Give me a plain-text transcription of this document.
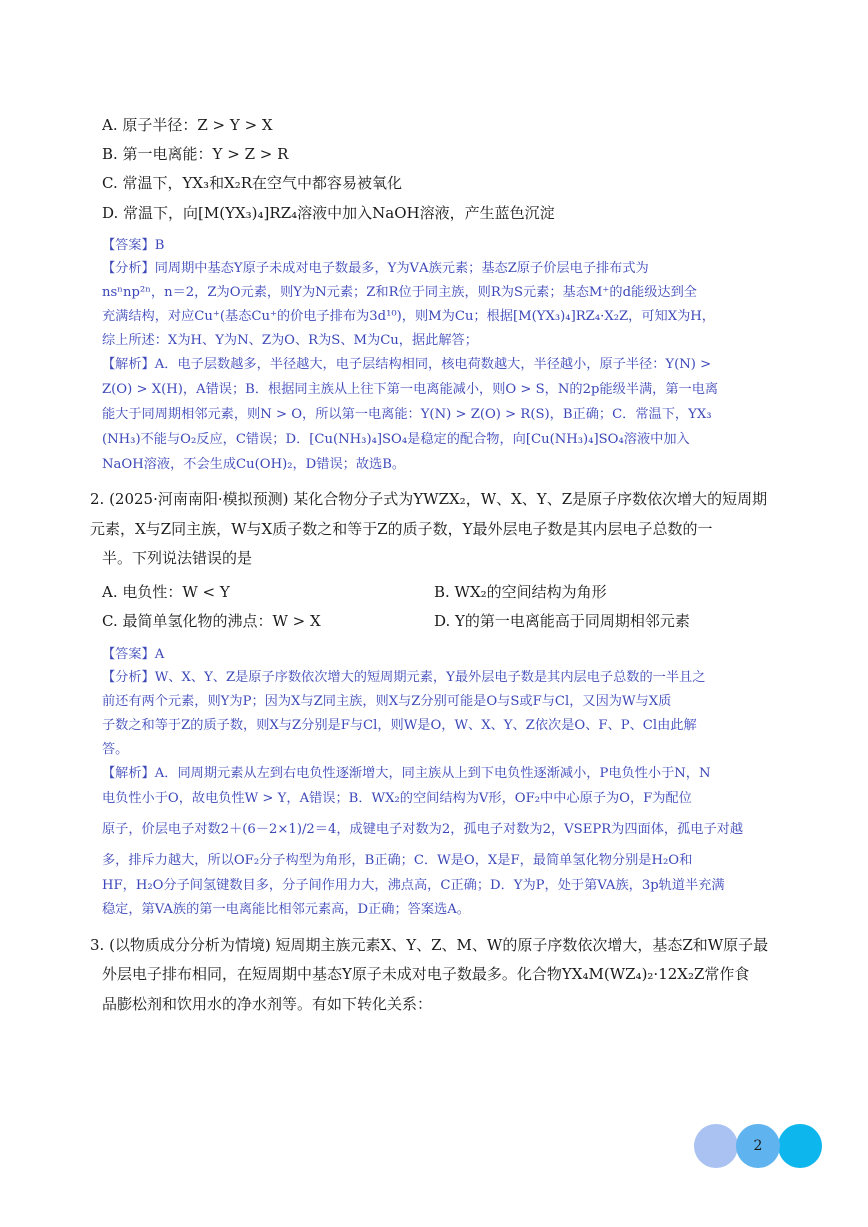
A. 原子半径：Z > Y > X
B. 第一电离能：Y > Z > R
C. 常温下，YX₃和X₂R在空气中都容易被氧化
D. 常温下，向[M(YX₃)₄]RZ₄溶液中加入NaOH溶液，产生蓝色沉淀
【答案】B
【分析】同周期中基态Y原子未成对电子数最多，Y为ⅤA族元素；基态Z原子价层电子排布式为
nsⁿnp²ⁿ，n＝2，Z为O元素，则Y为N元素；Z和R位于同主族，则R为S元素；基态M⁺的d能级达到全
充满结构，对应Cu⁺(基态Cu⁺的价电子排布为3d¹⁰)，则M为Cu；根据[M(YX₃)₄]RZ₄·X₂Z，可知X为H，
综上所述：X为H、Y为N、Z为O、R为S、M为Cu，据此解答；
【解析】A．电子层数越多，半径越大，电子层结构相同，核电荷数越大，半径越小，原子半径：Y(N) >
Z(O) > X(H)，A错误；B．根据同主族从上往下第一电离能减小，则O > S，N的2p能级半满，第一电离
能大于同周期相邻元素，则N > O，所以第一电离能：Y(N) > Z(O) > R(S)，B正确；C．常温下，YX₃
(NH₃)不能与O₂反应，C错误；D．[Cu(NH₃)₄]SO₄是稳定的配合物，向[Cu(NH₃)₄]SO₄溶液中加入
NaOH溶液，不会生成Cu(OH)₂，D错误；故选B。
2. (2025·河南南阳·模拟预测) 某化合物分子式为YWZX₂，W、X、Y、Z是原子序数依次增大的短周期
元素，X与Z同主族，W与X质子数之和等于Z的质子数，Y最外层电子数是其内层电子总数的一
半。下列说法错误的是
A. 电负性：W < Y	B. WX₂的空间结构为角形
C. 最简单氢化物的沸点：W > X	D. Y的第一电离能高于同周期相邻元素
【答案】A
【分析】W、X、Y、Z是原子序数依次增大的短周期元素，Y最外层电子数是其内层电子总数的一半且之
前还有两个元素，则Y为P；因为X与Z同主族，则X与Z分别可能是O与S或F与Cl，又因为W与X质
子数之和等于Z的质子数，则X与Z分别是F与Cl，则W是O，W、X、Y、Z依次是O、F、P、Cl由此解
答。
【解析】A．同周期元素从左到右电负性逐渐增大，同主族从上到下电负性逐渐减小，P电负性小于N，N
电负性小于O，故电负性W > Y，A错误；B．WX₂的空间结构为V形，OF₂中中心原子为O，F为配位
原子，价层电子对数2＋(6－2×1)/2＝4，成键电子对数为2，孤电子对数为2，VSEPR为四面体，孤电子对越
多，排斥力越大，所以OF₂分子构型为角形，B正确；C．W是O，X是F，最简单氢化物分别是H₂O和
HF，H₂O分子间氢键数目多，分子间作用力大，沸点高，C正确；D．Y为P，处于第VA族，3p轨道半充满
稳定，第VA族的第一电离能比相邻元素高，D正确；答案选A。
3. (以物质成分分析为情境) 短周期主族元素X、Y、Z、M、W的原子序数依次增大，基态Z和W原子最
外层电子排布相同，在短周期中基态Y原子未成对电子数最多。化合物YX₄M(WZ₄)₂·12X₂Z常作食
品膨松剂和饮用水的净水剂等。有如下转化关系：
2
